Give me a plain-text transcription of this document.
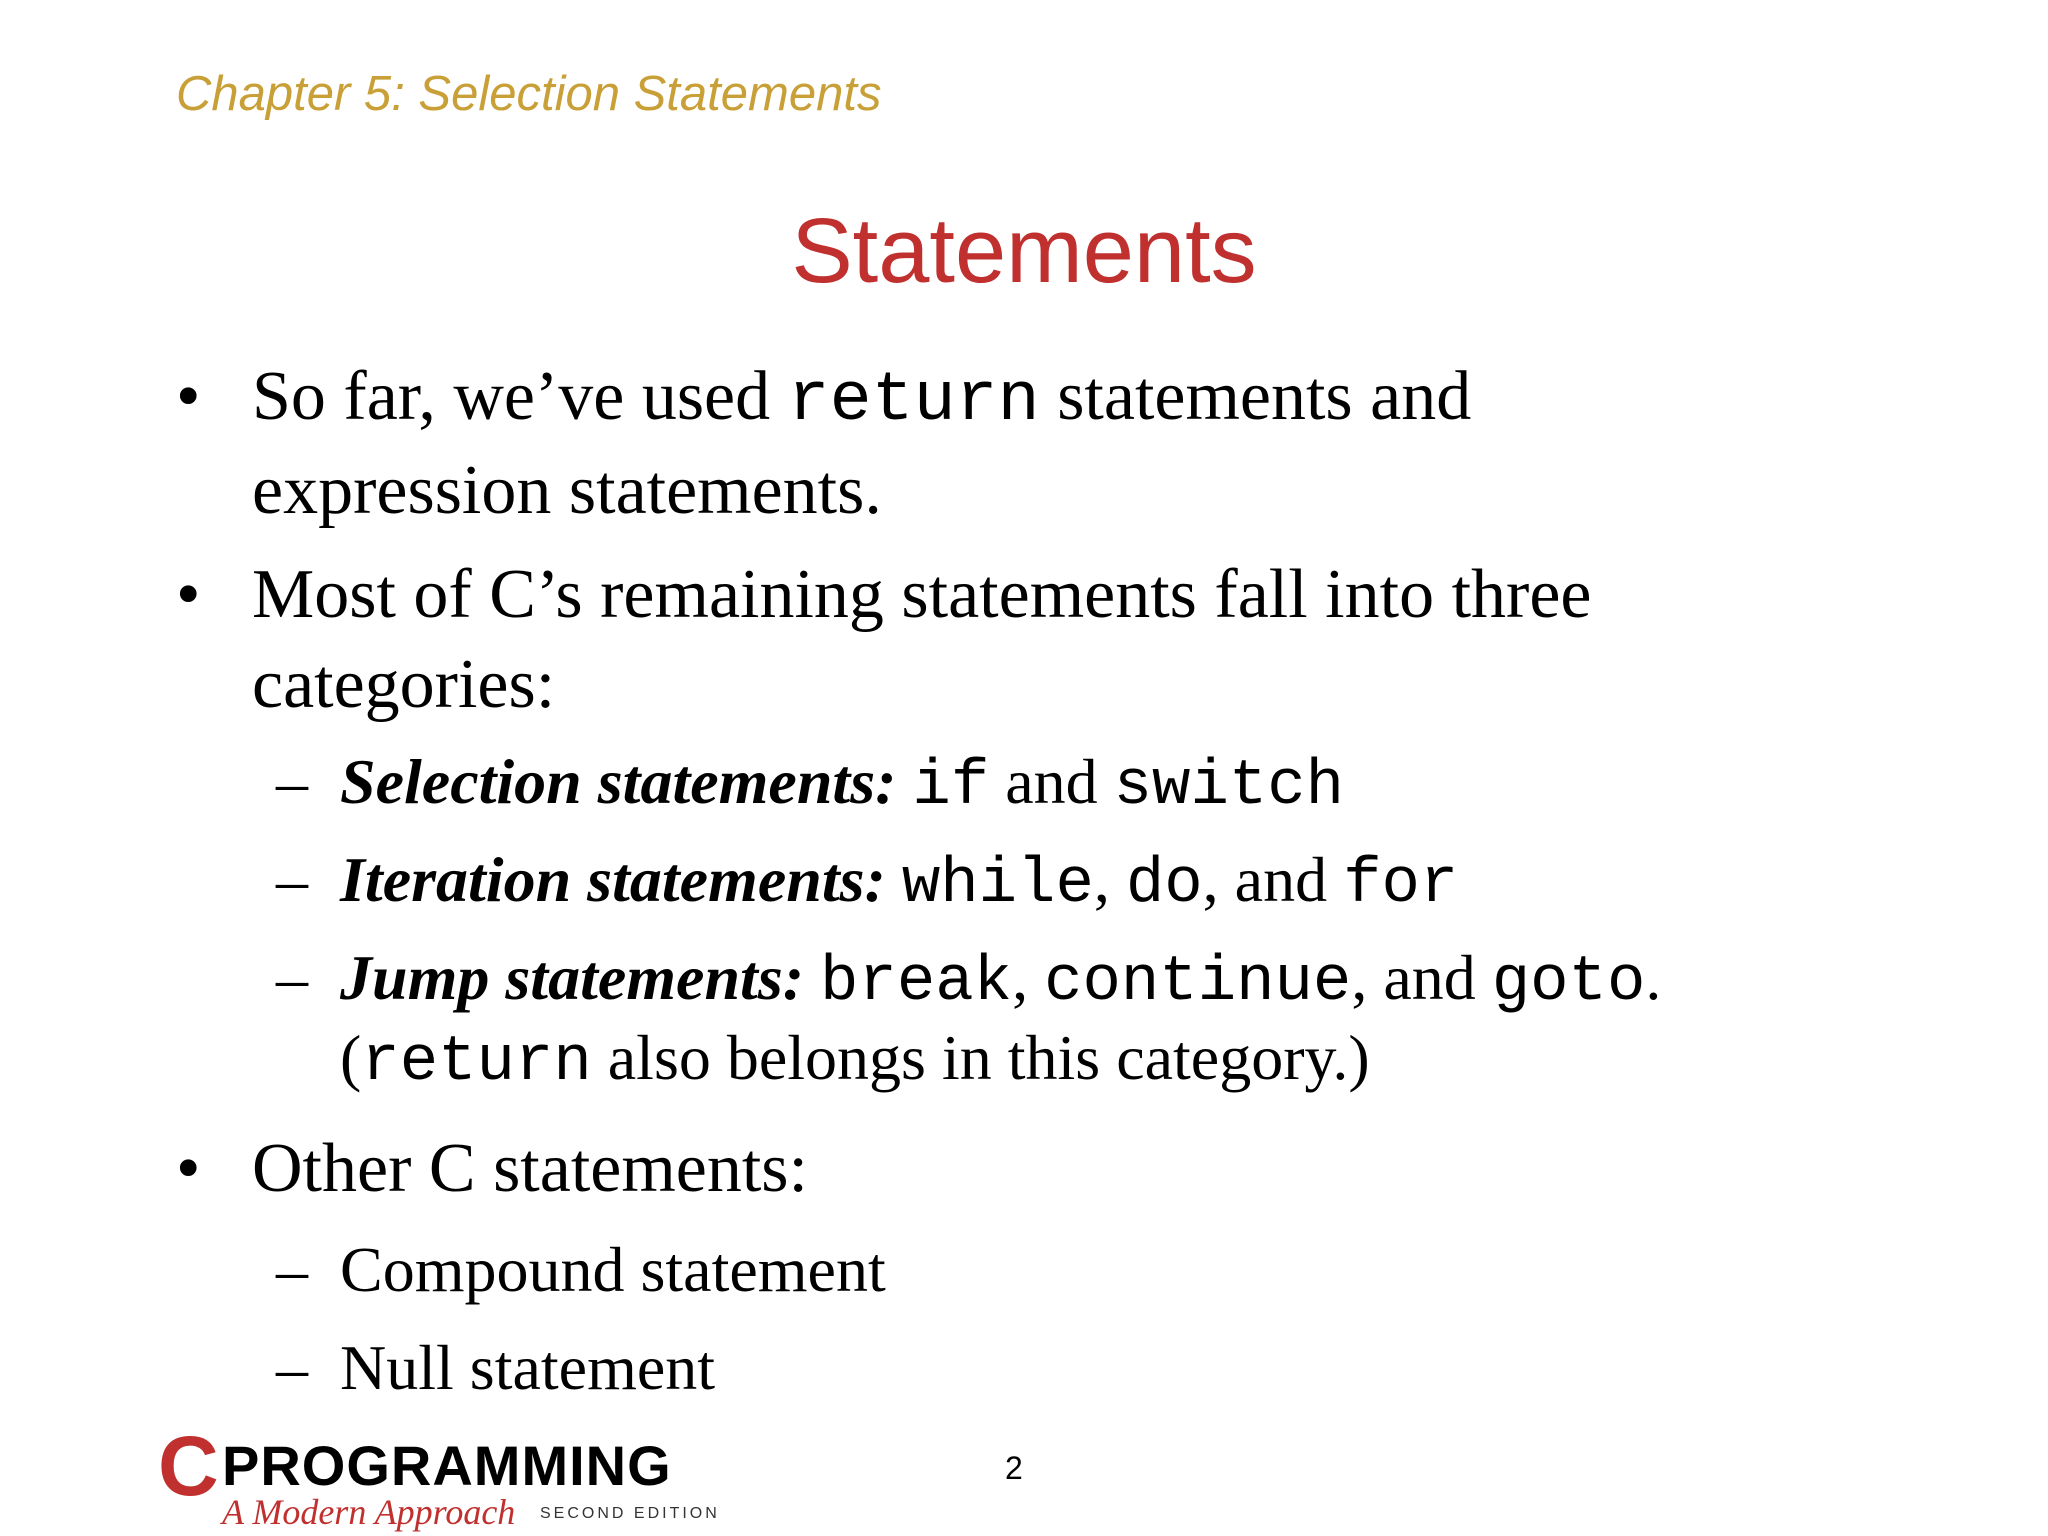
Chapter 5: Selection Statements
Statements
• So far, we’ve used return statements and
expression statements.
• Most of C’s remaining statements fall into three
categories:
– Selection statements: if and switch
– Iteration statements: while, do, and for
– Jump statements: break, continue, and goto.
(return also belongs in this category.)
• Other C statements:
– Compound statement
– Null statement
C PROGRAMMING
A Modern Approach SECOND EDITION
2
